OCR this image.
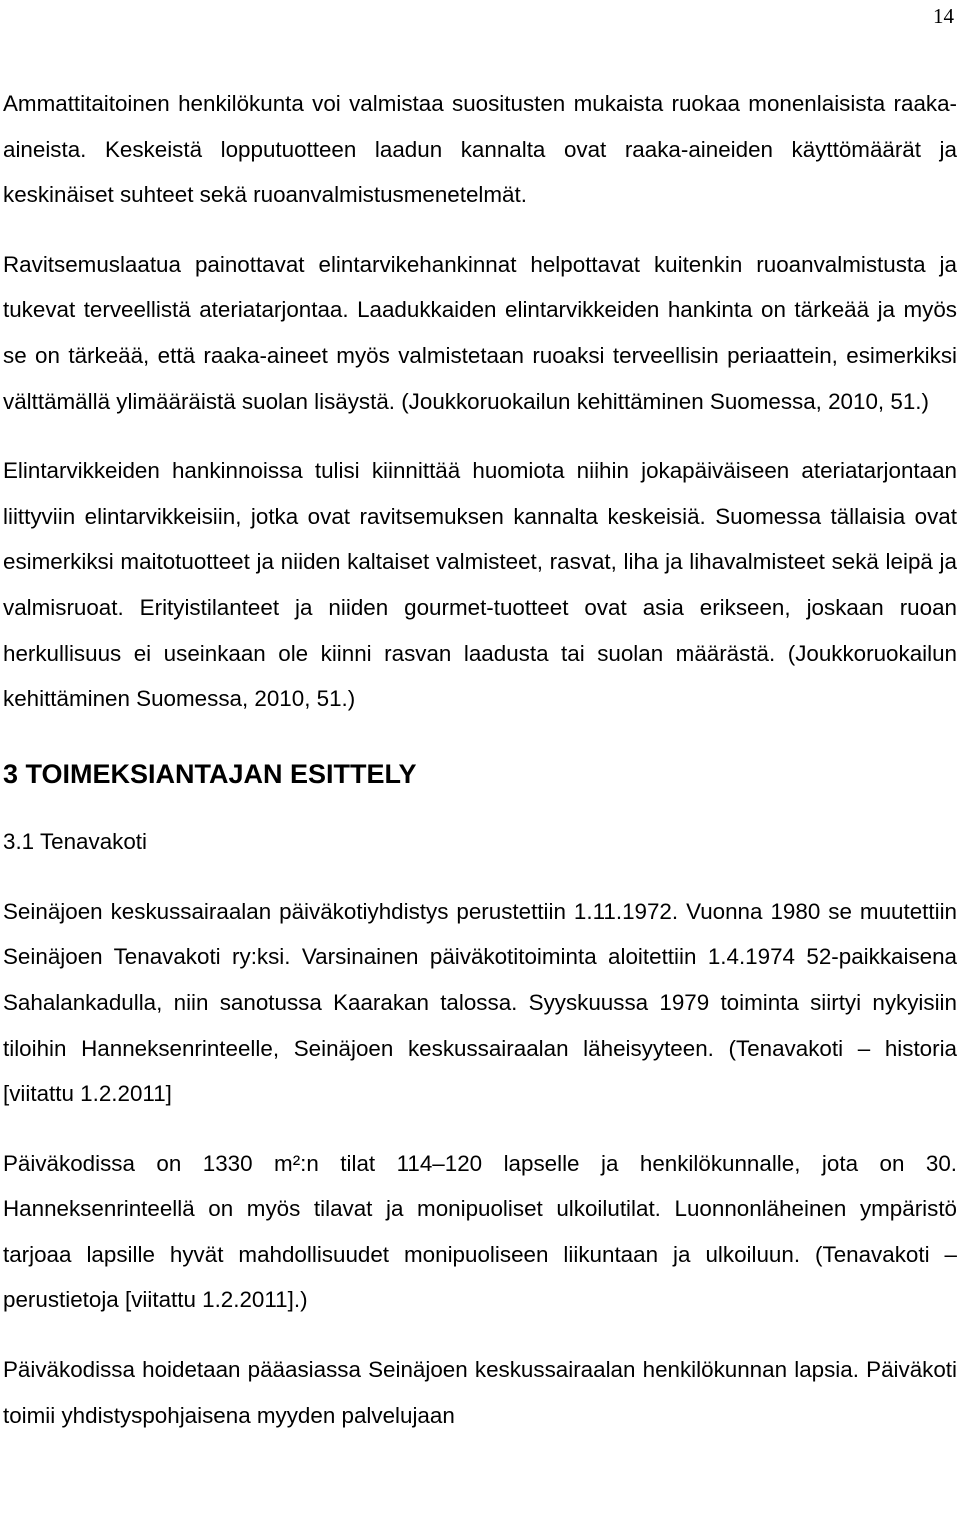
14

Ammattitaitoinen henkilökunta voi valmistaa suositusten mukaista ruokaa monenlaisista raaka-aineista. Keskeistä lopputuotteen laadun kannalta ovat raaka-aineiden käyttömäärät ja keskinäiset suhteet sekä ruoanvalmistusmenetelmät.

Ravitsemuslaatua painottavat elintarvikehankinnat helpottavat kuitenkin ruoanvalmistusta ja tukevat terveellistä ateriatarjontaa. Laadukkaiden elintarvikkeiden hankinta on tärkeää ja myös se on tärkeää, että raaka-aineet myös valmistetaan ruoaksi terveellisin periaattein, esimerkiksi välttämällä ylimääräistä suolan lisäystä. (Joukkoruokailun kehittäminen Suomessa, 2010, 51.)

Elintarvikkeiden hankinnoissa tulisi kiinnittää huomiota niihin jokapäiväiseen ateriatarjontaan liittyviin elintarvikkeisiin, jotka ovat ravitsemuksen kannalta keskeisiä. Suomessa tällaisia ovat esimerkiksi maitotuotteet ja niiden kaltaiset valmisteet, rasvat, liha ja lihavalmisteet sekä leipä ja valmisruoat. Erityistilanteet ja niiden gourmet-tuotteet ovat asia erikseen, joskaan ruoan herkullisuus ei useinkaan ole kiinni rasvan laadusta tai suolan määrästä. (Joukkoruokailun kehittäminen Suomessa, 2010, 51.)

3 TOIMEKSIANTAJAN ESITTELY
3.1 Tenavakoti

Seinäjoen keskussairaalan päiväkotiyhdistys perustettiin 1.11.1972. Vuonna 1980 se muutettiin Seinäjoen Tenavakoti ry:ksi. Varsinainen päiväkotitoiminta aloitettiin 1.4.1974 52-paikkaisena Sahalankadulla, niin sanotussa Kaarakan talossa. Syyskuussa 1979 toiminta siirtyi nykyisiin tiloihin Hanneksenrinteelle, Seinäjoen keskussairaalan läheisyyteen. (Tenavakoti – historia [viitattu 1.2.2011]

Päiväkodissa on 1330 m²:n tilat 114–120 lapselle ja henkilökunnalle, jota on 30. Hanneksenrinteellä on myös tilavat ja monipuoliset ulkoilutilat. Luonnonläheinen ympäristö tarjoaa lapsille hyvät mahdollisuudet monipuoliseen liikuntaan ja ulkoiluun. (Tenavakoti – perustietoja [viitattu 1.2.2011].)

Päiväkodissa hoidetaan pääasiassa Seinäjoen keskussairaalan henkilökunnan lapsia. Päiväkoti toimii yhdistyspohjaisena myyden palvelujaan
